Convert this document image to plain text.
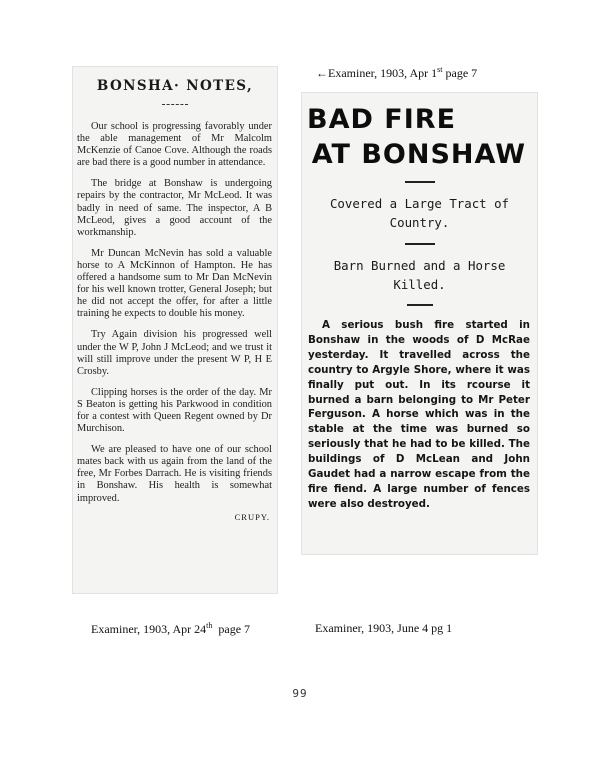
BONSHA· NOTES,

Our school is progressing favorably under the able management of Mr Malcolm McKenzie of Canoe Cove. Although the roads are bad there is a good number in attendance.

The bridge at Bonshaw is undergoing repairs by the contractor, Mr McLeod. It was badly in need of same. The inspector, A B McLeod, gives a good account of the workmanship.

Mr Duncan McNevin has sold a valuable horse to A McKinnon of Hampton. He has offered a handsome sum to Mr Dan McNevin for his well known trotter, General Joseph; but he did not accept the offer, for after a little training he expects to double his money.

Try Again division his progressed well under the W P, John J McLeod; and we trust it will still improve under the present W P, H E Crosby.

Clipping horses is the order of the day. Mr S Beaton is getting his Parkwood in condition for a contest with Queen Regent owned by Dr Murchison.

We are pleased to have one of our school mates back with us again from the land of the free, Mr Forbes Darrach. He is visiting friends in Bonshaw. His health is somewhat improved.

CRUPY.
BAD FIRE
AT BONSHAW
Covered a Large Tract of Country.
Barn Burned and a Horse Killed.

A serious bush fire started in Bonshaw in the woods of D McRae yesterday. It travelled across the country to Argyle Shore, where it was finally put out. In its rcourse it burned a barn belonging to Mr Peter Ferguson. A horse which was in the stable at the time was burned so seriously that he had to be killed. The buildings of D McLean and John Gaudet had a narrow escape from the fire fiend. A large number of fences were also destroyed.

←Examiner, 1903, Apr 1st page 7
Examiner, 1903, Apr 24th  page 7	Examiner, 1903, June 4 pg 1
99
